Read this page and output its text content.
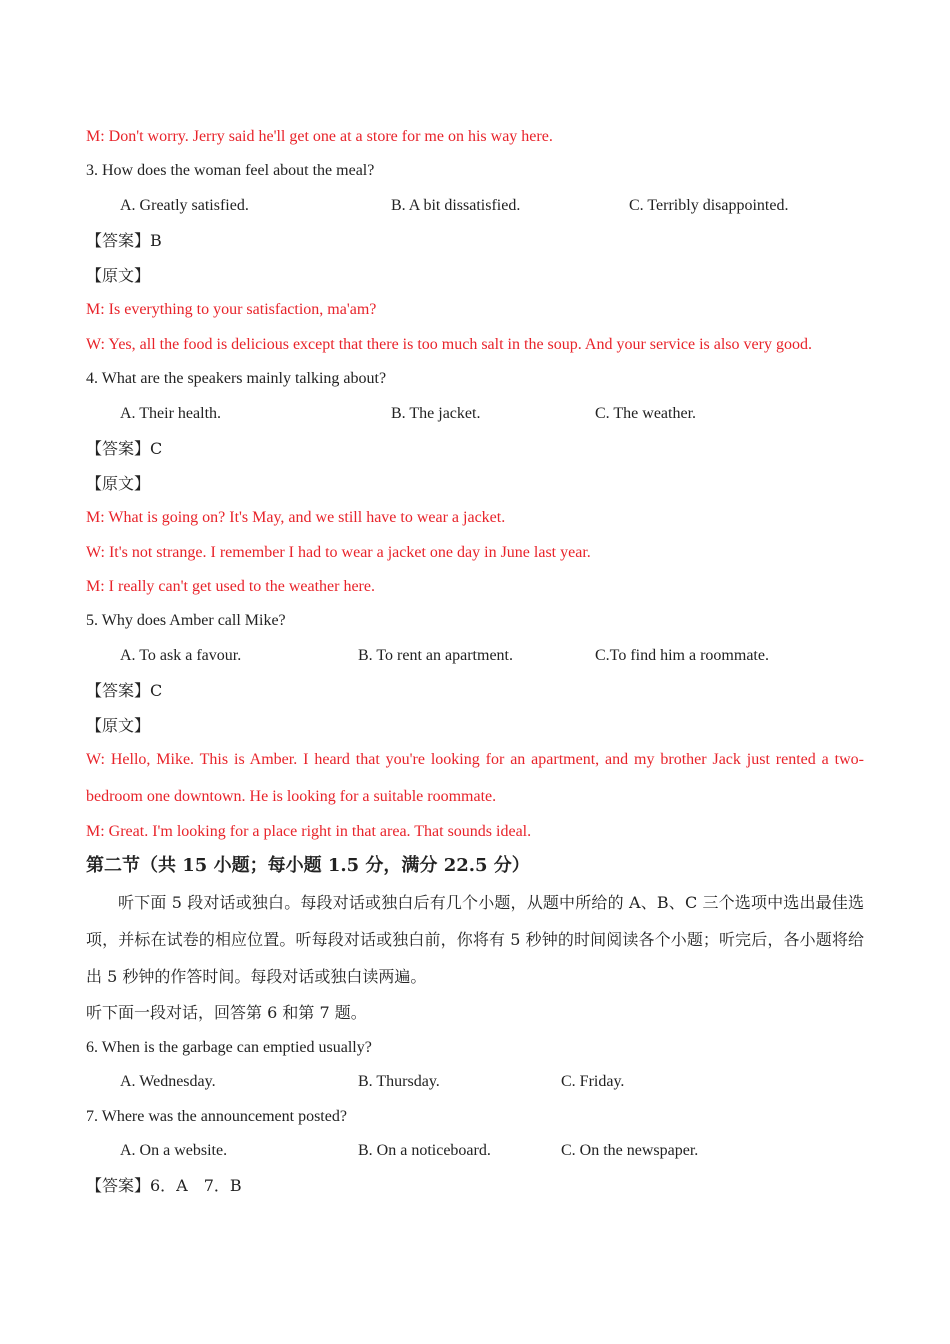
M: Don't worry. Jerry said he'll get one at a store for me on his way here.
3. How does the woman feel about the meal?
A. Greatly satisfied.	B. A bit dissatisfied.	C. Terribly disappointed.
【答案】B
【原文】
M: Is everything to your satisfaction, ma'am?
W: Yes, all the food is delicious except that there is too much salt in the soup. And your service is also very good.
4. What are the speakers mainly talking about?
A. Their health.	B. The jacket.	C. The weather.
【答案】C
【原文】
M: What is going on? It's May, and we still have to wear a jacket.
W: It's not strange. I remember I had to wear a jacket one day in June last year.
M: I really can't get used to the weather here.
5. Why does Amber call Mike?
A. To ask a favour.	B. To rent an apartment.	C.To find him a roommate.
【答案】C
【原文】
W: Hello, Mike. This is Amber. I heard that you're looking for an apartment, and my brother Jack just rented a two-bedroom one downtown. He is looking for a suitable roommate.
M: Great. I'm looking for a place right in that area. That sounds ideal.
第二节（共 15 小题；每小题 1.5 分，满分 22.5 分）
听下面 5 段对话或独白。每段对话或独白后有几个小题，从题中所给的 A、B、C 三个选项中选出最佳选项，并标在试卷的相应位置。听每段对话或独白前，你将有 5 秒钟的时间阅读各个小题；听完后，各小题将给出 5 秒钟的作答时间。每段对话或独白读两遍。
听下面一段对话，回答第 6 和第 7 题。
6. When is the garbage can emptied usually?
A. Wednesday.	B. Thursday.	C. Friday.
7. Where was the announcement posted?
A. On a website.	B. On a noticeboard.	C. On the newspaper.
【答案】6．A　7．B
